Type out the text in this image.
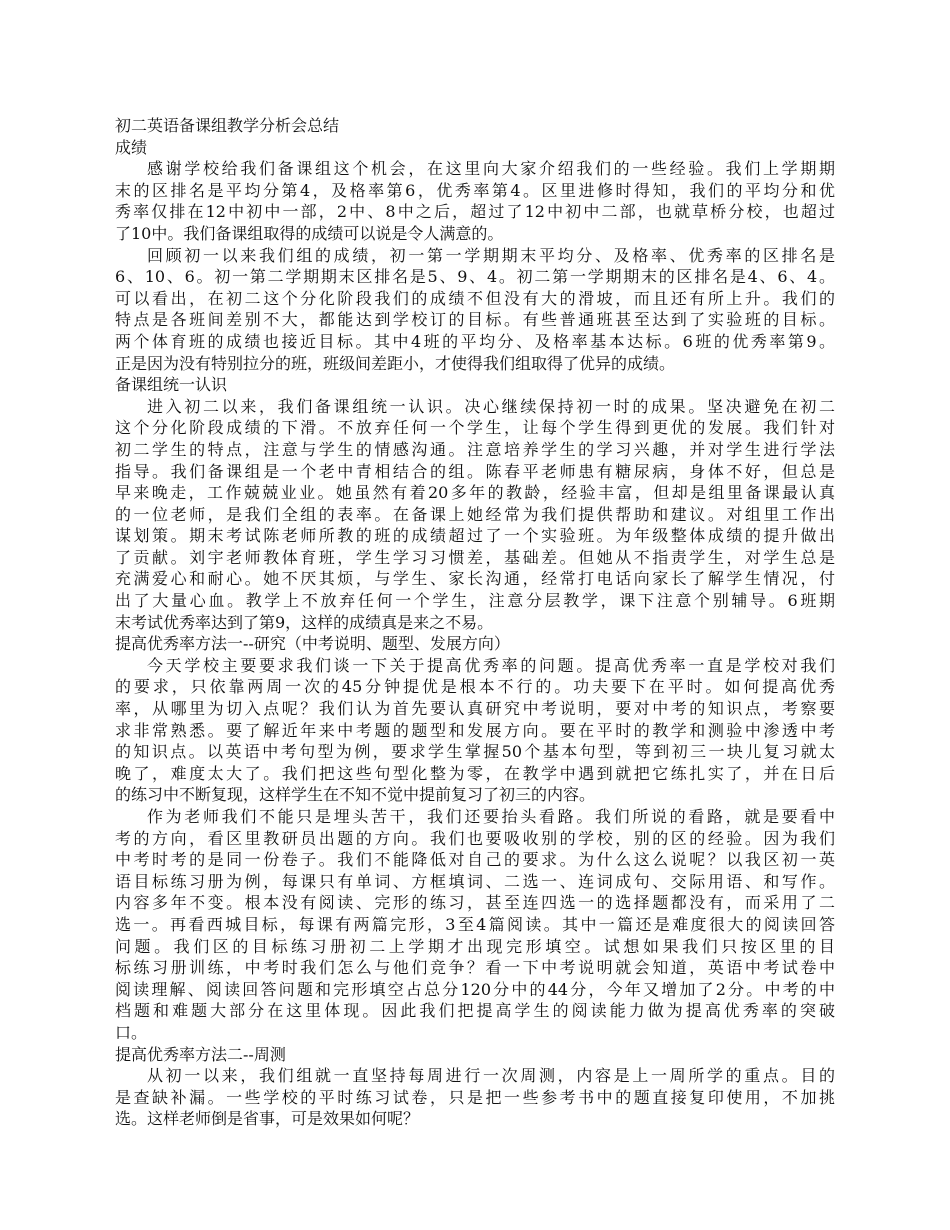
初二英语备课组教学分析会总结
成绩
感谢学校给我们备课组这个机会，在这里向大家介绍我们的一些经验。我们上学期期
末的区排名是平均分第4，及格率第6，优秀率第4。区里进修时得知，我们的平均分和优
秀率仅排在12中初中一部，2中、8中之后，超过了12中初中二部，也就草桥分校，也超过
了10中。我们备课组取得的成绩可以说是令人满意的。
回顾初一以来我们组的成绩，初一第一学期期末平均分、及格率、优秀率的区排名是
6、10、6。初一第二学期期末区排名是5、9、4。初二第一学期期末的区排名是4、6、4。
可以看出，在初二这个分化阶段我们的成绩不但没有大的滑坡，而且还有所上升。我们的
特点是各班间差别不大，都能达到学校订的目标。有些普通班甚至达到了实验班的目标。
两个体育班的成绩也接近目标。其中4班的平均分、及格率基本达标。6班的优秀率第9。
正是因为没有特别拉分的班，班级间差距小，才使得我们组取得了优异的成绩。
备课组统一认识
进入初二以来，我们备课组统一认识。决心继续保持初一时的成果。坚决避免在初二
这个分化阶段成绩的下滑。不放弃任何一个学生，让每个学生得到更优的发展。我们针对
初二学生的特点，注意与学生的情感沟通。注意培养学生的学习兴趣，并对学生进行学法
指导。我们备课组是一个老中青相结合的组。陈春平老师患有糖尿病，身体不好，但总是
早来晚走，工作兢兢业业。她虽然有着20多年的教龄，经验丰富，但却是组里备课最认真
的一位老师，是我们全组的表率。在备课上她经常为我们提供帮助和建议。对组里工作出
谋划策。期末考试陈老师所教的班的成绩超过了一个实验班。为年级整体成绩的提升做出
了贡献。刘宇老师教体育班，学生学习习惯差，基础差。但她从不指责学生，对学生总是
充满爱心和耐心。她不厌其烦，与学生、家长沟通，经常打电话向家长了解学生情况，付
出了大量心血。教学上不放弃任何一个学生，注意分层教学，课下注意个别辅导。6班期
末考试优秀率达到了第9，这样的成绩真是来之不易。
提高优秀率方法一--研究（中考说明、题型、发展方向）
今天学校主要要求我们谈一下关于提高优秀率的问题。提高优秀率一直是学校对我们
的要求，只依靠两周一次的45分钟提优是根本不行的。功夫要下在平时。如何提高优秀
率，从哪里为切入点呢？我们认为首先要认真研究中考说明，要对中考的知识点，考察要
求非常熟悉。要了解近年来中考题的题型和发展方向。要在平时的教学和测验中渗透中考
的知识点。以英语中考句型为例，要求学生掌握50个基本句型，等到初三一块儿复习就太
晚了，难度太大了。我们把这些句型化整为零，在教学中遇到就把它练扎实了，并在日后
的练习中不断复现，这样学生在不知不觉中提前复习了初三的内容。
作为老师我们不能只是埋头苦干，我们还要抬头看路。我们所说的看路，就是要看中
考的方向，看区里教研员出题的方向。我们也要吸收别的学校，别的区的经验。因为我们
中考时考的是同一份卷子。我们不能降低对自己的要求。为什么这么说呢？以我区初一英
语目标练习册为例，每课只有单词、方框填词、二选一、连词成句、交际用语、和写作。
内容多年不变。根本没有阅读、完形的练习，甚至连四选一的选择题都没有，而采用了二
选一。再看西城目标，每课有两篇完形，3至4篇阅读。其中一篇还是难度很大的阅读回答
问题。我们区的目标练习册初二上学期才出现完形填空。试想如果我们只按区里的目
标练习册训练，中考时我们怎么与他们竞争？看一下中考说明就会知道，英语中考试卷中
阅读理解、阅读回答问题和完形填空占总分120分中的44分，今年又增加了2分。中考的中
档题和难题大部分在这里体现。因此我们把提高学生的阅读能力做为提高优秀率的突破
口。
提高优秀率方法二--周测
从初一以来，我们组就一直坚持每周进行一次周测，内容是上一周所学的重点。目的
是查缺补漏。一些学校的平时练习试卷，只是把一些参考书中的题直接复印使用，不加挑
选。这样老师倒是省事，可是效果如何呢？
